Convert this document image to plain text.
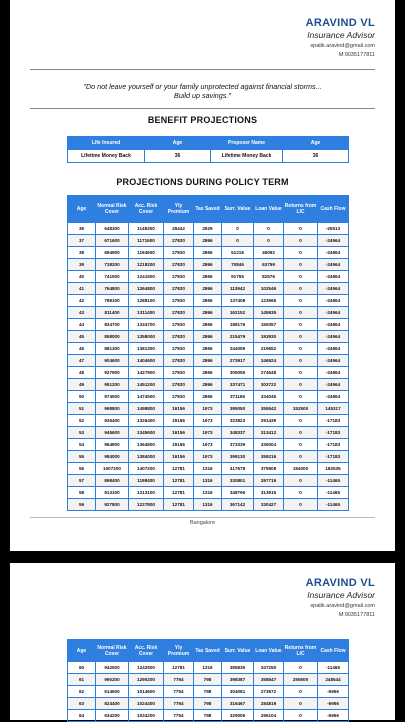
ARAVIND VL
Insurance Advisor
spatik.aravind@gmail.com
M:9035177811
"Do not leave yourself or your family unprotected against financial storms...
Build up savings."
BENEFIT PROJECTIONS
Life Insured	Age	Proposer Name	Age
Lifetime Money Back	36	Lifetime Money Back	36
PROJECTIONS DURING POLICY TERM
Age	Normal Risk Cover	Acc. Risk Cover	Yly Premium	Tax Saved	Surr. Value	Loan Value	Returns from LIC	Cash Flow
36	648300	1148300	28442	2929	0	0	0	-25513
37	671600	1171600	27830	2866	0	0	0	-24964
38	694900	1194900	27830	2866	51216	46092	0	-24964
39	718200	1218200	27830	2866	70846	63759	0	-24964
40	741500	1241500	27830	2866	91755	82576	0	-24964
41	764800	1264800	27830	2866	113942	102546	0	-24964
42	788100	1288100	27830	2866	137408	123665	0	-24964
43	811400	1311400	27830	2866	162152	145935	0	-24964
44	834700	1334700	27830	2866	188176	169357	0	-24964
45	858000	1358000	27830	2866	215479	193930	0	-24964
46	881300	1381300	27830	2866	244059	219652	0	-24964
47	904600	1404600	27830	2866	273917	246524	0	-24964
48	927900	1427900	27830	2866	305055	274548	0	-24964
49	951200	1451200	27830	2866	337471	303722	0	-24964
50	974500	1474500	27830	2866	371165	334046	0	-24964
51	998800	1498800	19156	1973	395050	355542	152500	145317
52	926400	1326400	19156	1973	323823	291439	0	-17183
53	945600	1345600	19156	1973	348337	313412	0	-17183
54	964800	1364800	19156	1973	373339	336004	0	-17183
55	984000	1384000	19156	1973	399130	359216	0	-17183
56	1007200	1407200	12781	1316	417678	375908	194000	182535
57	898400	1198400	12781	1316	330801	297719	0	-11465
58	913100	1213100	12781	1316	348796	313915	0	-11465
59	927800	1227800	12781	1316	367142	330427	0	-11465
Bangalore
ARAVIND VL
Insurance Advisor
spatik.aravind@gmail.com
M:9035177811
Age	Normal Risk Cover	Acc. Risk Cover	Yly Premium	Tax Saved	Surr. Value	Loan Value	Returns from LIC	Cash Flow
60	942500	1242500	12781	1316	385835	347250	0	-11465
61	990200	1290200	7754	798	398387	358547	255500	248544
62	614600	1014600	7754	798	304081	273672	0	-6956
63	824400	1024400	7754	798	316467	284819	0	-6956
64	634200	1034200	7754	798	329005	296104	0	-6956
